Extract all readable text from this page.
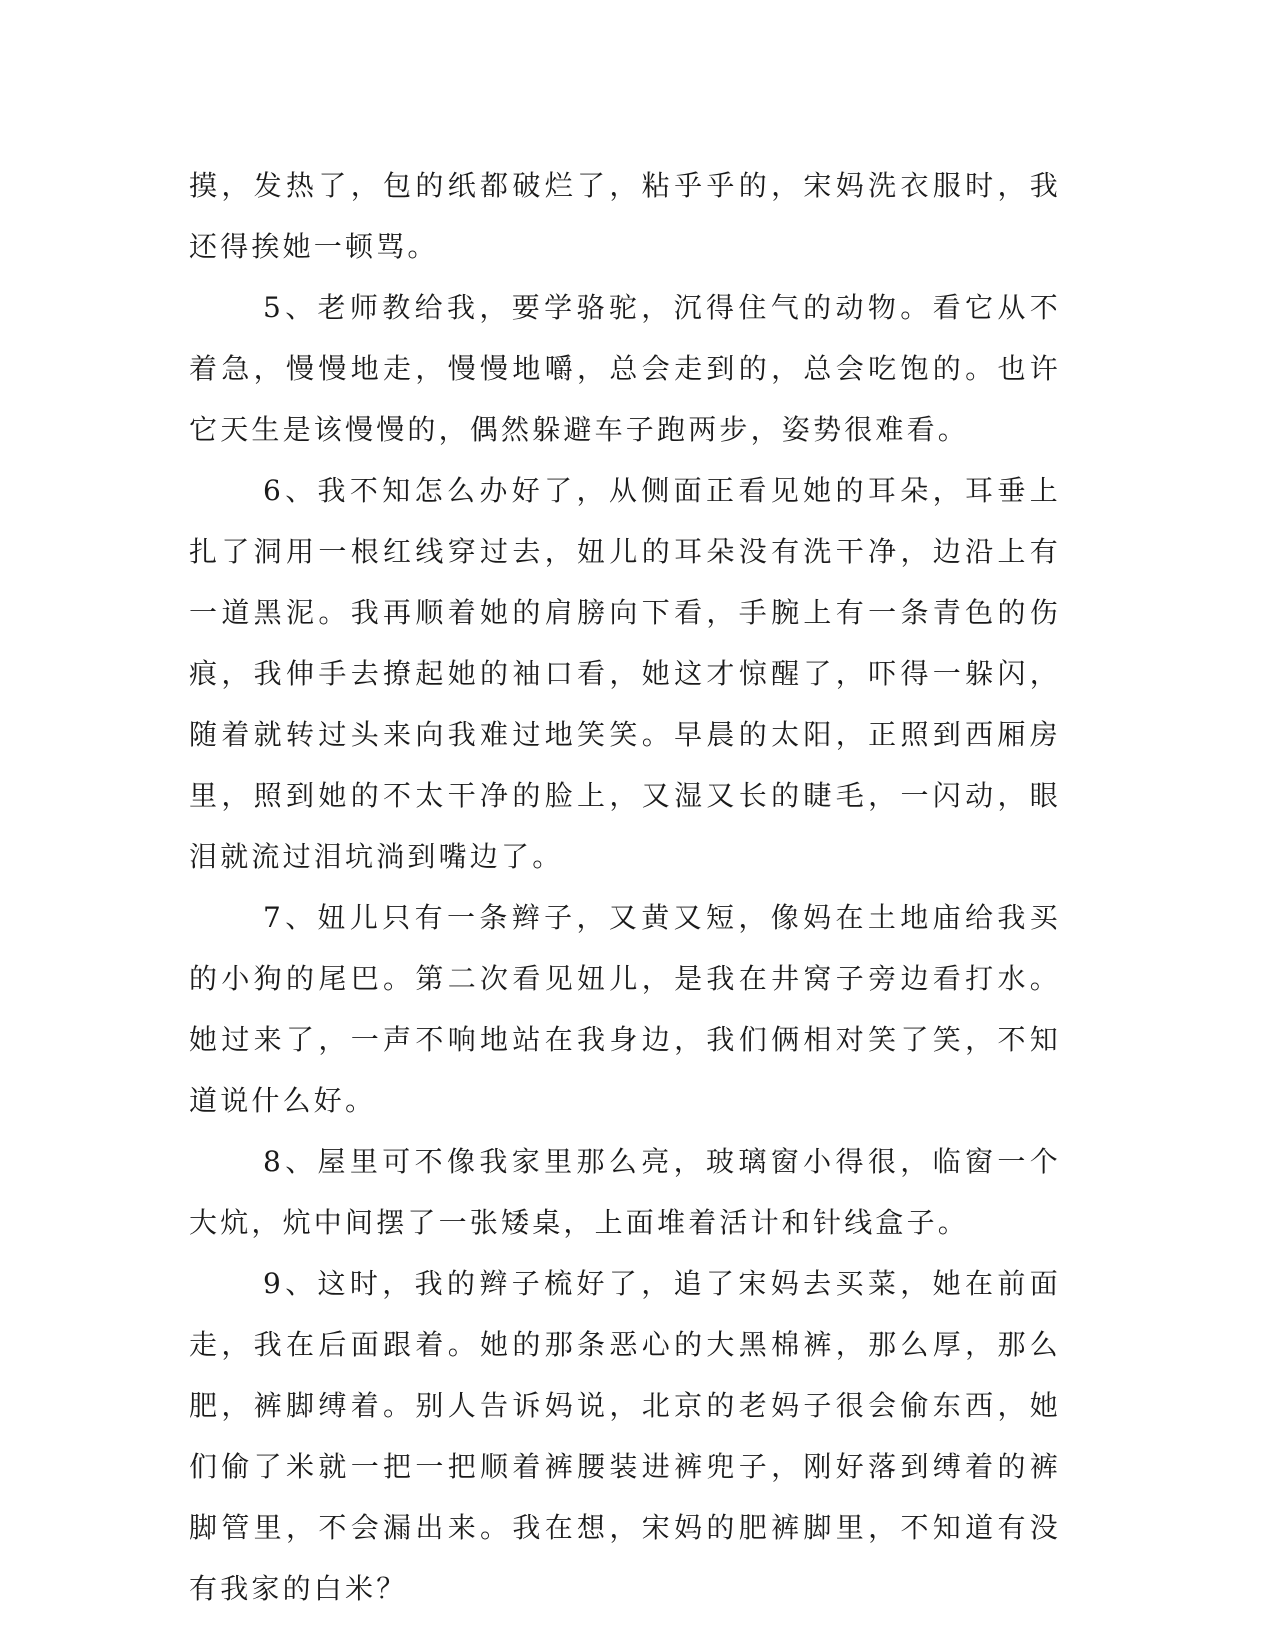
摸，发热了，包的纸都破烂了，粘乎乎的，宋妈洗衣服时，我还得挨她一顿骂。

5、老师教给我，要学骆驼，沉得住气的动物。看它从不着急，慢慢地走，慢慢地嚼，总会走到的，总会吃饱的。也许它天生是该慢慢的，偶然躲避车子跑两步，姿势很难看。

6、我不知怎么办好了，从侧面正看见她的耳朵，耳垂上扎了洞用一根红线穿过去，妞儿的耳朵没有洗干净，边沿上有一道黑泥。我再顺着她的肩膀向下看，手腕上有一条青色的伤痕，我伸手去撩起她的袖口看，她这才惊醒了，吓得一躲闪，随着就转过头来向我难过地笑笑。早晨的太阳，正照到西厢房里，照到她的不太干净的脸上，又湿又长的睫毛，一闪动，眼泪就流过泪坑淌到嘴边了。

7、妞儿只有一条辫子，又黄又短，像妈在土地庙给我买的小狗的尾巴。第二次看见妞儿，是我在井窝子旁边看打水。她过来了，一声不响地站在我身边，我们俩相对笑了笑，不知道说什么好。

8、屋里可不像我家里那么亮，玻璃窗小得很，临窗一个大炕，炕中间摆了一张矮桌，上面堆着活计和针线盒子。

9、这时，我的辫子梳好了，追了宋妈去买菜，她在前面走，我在后面跟着。她的那条恶心的大黑棉裤，那么厚，那么肥，裤脚缚着。别人告诉妈说，北京的老妈子很会偷东西，她们偷了米就一把一把顺着裤腰装进裤兜子，刚好落到缚着的裤脚管里，不会漏出来。我在想，宋妈的肥裤脚里，不知道有没有我家的白米？
